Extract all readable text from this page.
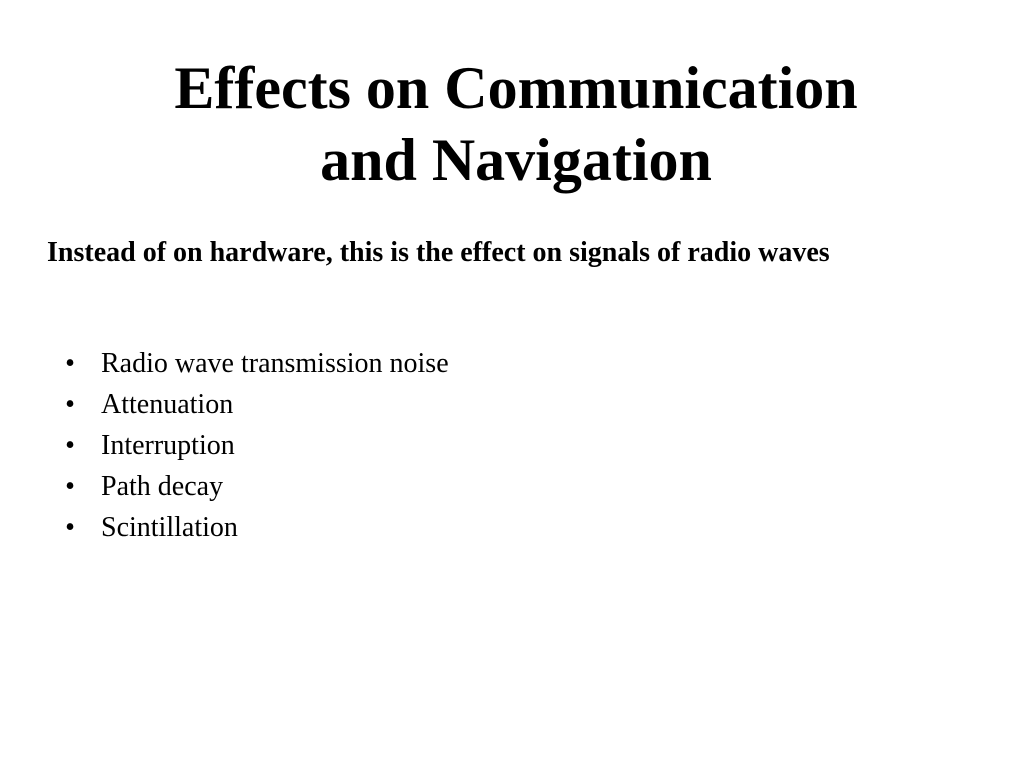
Effects on Communication
and Navigation

Instead of on hardware, this is the effect on signals of radio waves

• Radio wave transmission noise
• Attenuation
• Interruption
• Path decay
• Scintillation
